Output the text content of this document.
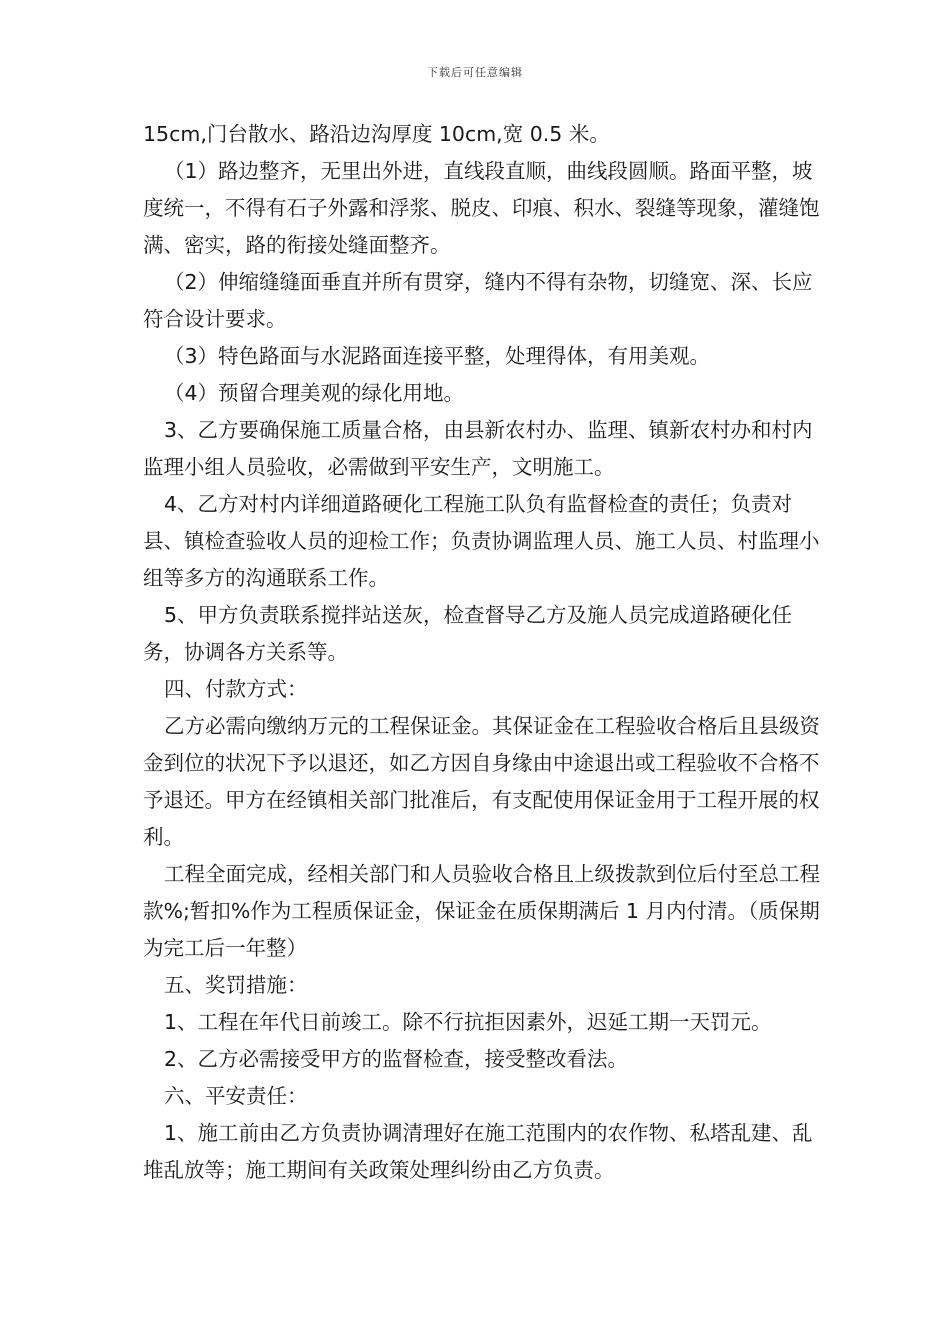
下载后可任意编辑

15cm,门台散水、路沿边沟厚度 10cm,宽 0.5 米。

（1）路边整齐，无里出外进，直线段直顺，曲线段圆顺。路面平整，坡度统一，不得有石子外露和浮浆、脱皮、印痕、积水、裂缝等现象，灌缝饱满、密实，路的衔接处缝面整齐。

（2）伸缩缝缝面垂直并所有贯穿，缝内不得有杂物，切缝宽、深、长应符合设计要求。

（3）特色路面与水泥路面连接平整，处理得体，有用美观。

（4）预留合理美观的绿化用地。

3、乙方要确保施工质量合格，由县新农村办、监理、镇新农村办和村内监理小组人员验收，必需做到平安生产，文明施工。

4、乙方对村内详细道路硬化工程施工队负有监督检查的责任；负责对县、镇检查验收人员的迎检工作；负责协调监理人员、施工人员、村监理小组等多方的沟通联系工作。

5、甲方负责联系搅拌站送灰，检查督导乙方及施人员完成道路硬化任务，协调各方关系等。

四、付款方式：

乙方必需向缴纳万元的工程保证金。其保证金在工程验收合格后且县级资金到位的状况下予以退还，如乙方因自身缘由中途退出或工程验收不合格不予退还。甲方在经镇相关部门批准后，有支配使用保证金用于工程开展的权利。

工程全面完成，经相关部门和人员验收合格且上级拨款到位后付至总工程款%;暂扣%作为工程质保证金，保证金在质保期满后 1 月内付清。（质保期为完工后一年整）

五、奖罚措施：

1、工程在年代日前竣工。除不行抗拒因素外，迟延工期一天罚元。

2、乙方必需接受甲方的监督检查，接受整改看法。

六、平安责任：

1、施工前由乙方负责协调清理好在施工范围内的农作物、私塔乱建、乱堆乱放等；施工期间有关政策处理纠纷由乙方负责。
